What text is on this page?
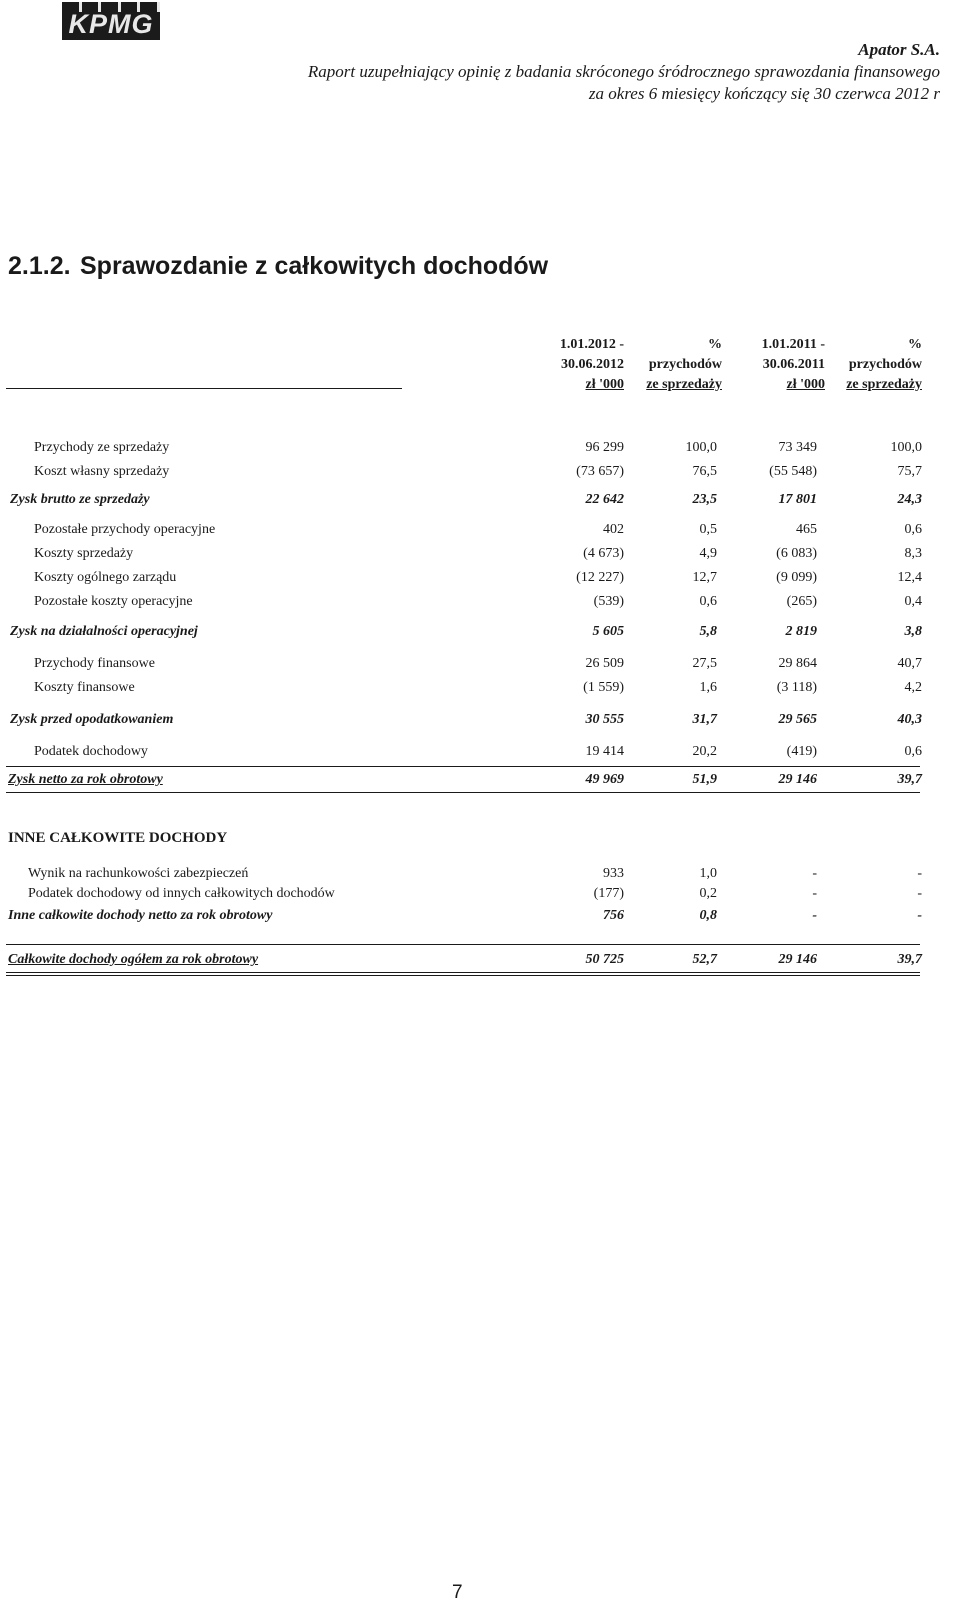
KPMG
Apator S.A.
Raport uzupełniający opinię z badania skróconego śródrocznego sprawozdania finansowego
za okres 6 miesięcy kończący się 30 czerwca 2012 r
2.1.2. Sprawozdanie z całkowitych dochodów
1.01.2012 -
30.06.2012
zł '000
%
przychodów
ze sprzedaży
1.01.2011 -
30.06.2011
zł '000
%
przychodów
ze sprzedaży
Przychody ze sprzedaży	96 299	100,0	73 349	100,0
Koszt własny sprzedaży	(73 657)	76,5	(55 548)	75,7
Zysk brutto ze sprzedaży	22 642	23,5	17 801	24,3
Pozostałe przychody operacyjne	402	0,5	465	0,6
Koszty sprzedaży	(4 673)	4,9	(6 083)	8,3
Koszty ogólnego zarządu	(12 227)	12,7	(9 099)	12,4
Pozostałe koszty operacyjne	(539)	0,6	(265)	0,4
Zysk na działalności operacyjnej	5 605	5,8	2 819	3,8
Przychody finansowe	26 509	27,5	29 864	40,7
Koszty finansowe	(1 559)	1,6	(3 118)	4,2
Zysk przed opodatkowaniem	30 555	31,7	29 565	40,3
Podatek dochodowy	19 414	20,2	(419)	0,6
Zysk netto za rok obrotowy	49 969	51,9	29 146	39,7
INNE CAŁKOWITE DOCHODY
Wynik na rachunkowości zabezpieczeń	933	1,0	-	-
Podatek dochodowy od innych całkowitych dochodów	(177)	0,2	-	-
Inne całkowite dochody netto za rok obrotowy	756	0,8	-	-
Całkowite dochody ogółem za rok obrotowy	50 725	52,7	29 146	39,7
7
